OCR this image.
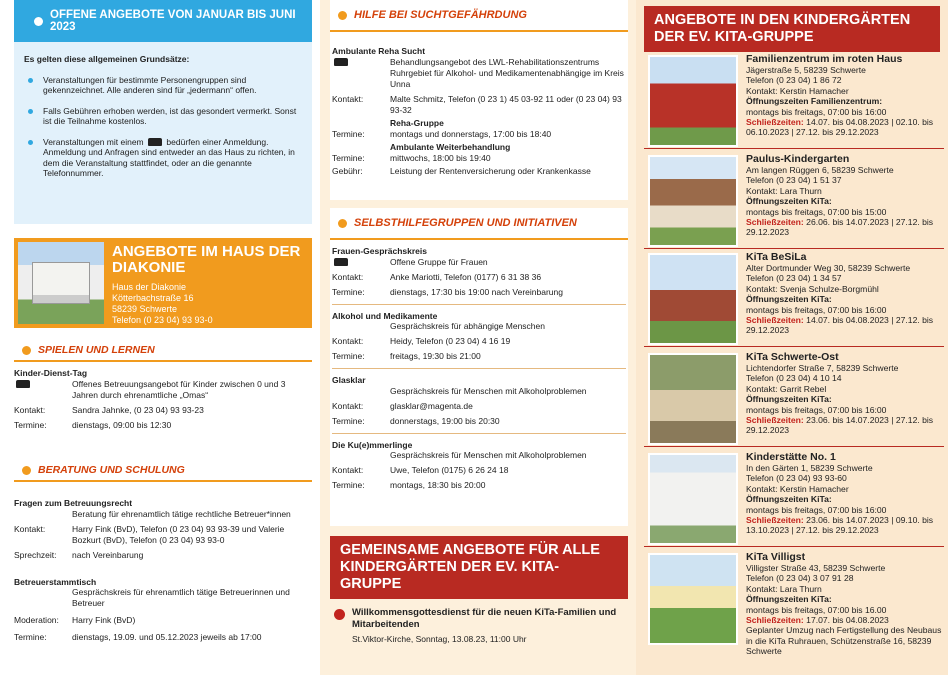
OFFENE ANGEBOTE VON JANUAR BIS JUNI 2023
Es gelten diese allgemeinen Grundsätze:
Veranstaltungen für bestimmte Personengruppen sind gekennzeichnet. Alle anderen sind für „jedermann“ offen.
Falls Gebühren erhoben werden, ist das gesondert vermerkt. Sonst ist die Teilnahme kostenlos.
Veranstaltungen mit einem	bedürfen einer Anmeldung. Anmeldung und Anfragen sind entweder an das Haus zu richten, in dem die Veranstaltung stattfindet, oder an die genannte Telefonnummer.
ANGEBOTE IM HAUS DER DIAKONIE
Haus der Diakonie
Kötterbachstraße 16
58239 Schwerte
Telefon (0 23 04) 93 93-0
SPIELEN UND LERNEN
Kinder-Dienst-Tag
Offenes Betreuungsangebot für Kinder zwischen 0 und 3 Jahren durch ehrenamtliche „Omas“
Kontakt:	Sandra Jahnke, (0 23 04) 93 93-23
Termine:	dienstags, 09:00 bis 12:30
BERATUNG UND SCHULUNG
Fragen zum Betreuungsrecht
Beratung für ehrenamtlich tätige rechtliche Betreuer*innen
Kontakt:	Harry Fink (BvD), Telefon (0 23 04) 93 93-39 und Valerie Bozkurt (BvD), Telefon (0 23 04) 93 93-0
Sprechzeit:	nach Vereinbarung
Betreuerstammtisch
Gesprächskreis für ehrenamtlich tätige Betreuerinnen und Betreuer
Moderation:	Harry Fink (BvD)
Termine:	dienstags, 19.09. und 05.12.2023 jeweils ab 17:00
HILFE BEI SUCHTGEFÄHRDUNG
Ambulante Reha Sucht
Behandlungsangebot des LWL-Rehabilitationszentrums Ruhrgebiet für Alkohol- und Medikamentenabhängige im Kreis Unna
Kontakt:	Malte Schmitz, Telefon (0 23 1) 45 03-92 11 oder (0 23 04) 93 93-32
Reha-Gruppe
Termine:	montags und donnerstags, 17:00 bis 18:40
Ambulante Weiterbehandlung
Termine:	mittwochs, 18:00 bis 19:40
Gebühr:	Leistung der Rentenversicherung oder Krankenkasse
SELBSTHILFEGRUPPEN UND INITIATIVEN
Frauen-Gesprächskreis
Offene Gruppe für Frauen
Kontakt:	Anke Mariotti, Telefon (0177) 6 31 38 36
Termine:	dienstags, 17:30 bis 19:00 nach Vereinbarung
Alkohol und Medikamente
Gesprächskreis für abhängige Menschen
Kontakt:	Heidy, Telefon (0 23 04) 4 16 19
Termine:	freitags, 19:30 bis 21:00
Glasklar
Gesprächskreis für Menschen mit Alkoholproblemen
Kontakt:	glasklar@magenta.de
Termine:	donnerstags, 19:00 bis 20:30
Die Ku(e)mmerlinge
Gesprächskreis für Menschen mit Alkoholproblemen
Kontakt:	Uwe, Telefon (0175) 6 26 24 18
Termine:	montags, 18:30 bis 20:00
GEMEINSAME ANGEBOTE FÜR ALLE KINDERGÄRTEN DER EV. KITA-GRUPPE
Willkommensgottesdienst für die neuen KiTa-Familien und Mitarbeitenden
St.Viktor-Kirche, Sonntag, 13.08.23, 11:00 Uhr
ANGEBOTE IN DEN KINDERGÄRTEN DER EV. KITA-GRUPPE
Familienzentrum im roten Haus
Jägerstraße 5, 58239 Schwerte
Telefon (0 23 04) 1 86 72
Kontakt: Kerstin Hamacher
Öffnungszeiten Familienzentrum:
montags bis freitags, 07:00 bis 16:00
Schließzeiten: 14.07. bis 04.08.2023 | 02.10. bis 06.10.2023 | 27.12. bis 29.12.2023
Paulus-Kindergarten
Am langen Rüggen 6, 58239 Schwerte
Telefon (0 23 04) 1 51 37
Kontakt: Lara Thurn
Öffnungszeiten KiTa:
montags bis freitags, 07:00 bis 15:00
Schließzeiten: 26.06. bis 14.07.2023 | 27.12. bis 29.12.2023
KiTa BeSiLa
Alter Dortmunder Weg 30, 58239 Schwerte
Telefon (0 23 04) 1 34 57
Kontakt: Svenja Schulze-Borgmühl
Öffnungszeiten KiTa:
montags bis freitags, 07:00 bis 16:00
Schließzeiten: 14.07. bis 04.08.2023 | 27.12. bis 29.12.2023
KiTa Schwerte-Ost
Lichtendorfer Straße 7, 58239 Schwerte
Telefon (0 23 04) 4 10 14
Kontakt: Garrit Rebel
Öffnungszeiten KiTa:
montags bis freitags, 07:00 bis 16:00
Schließzeiten: 23.06. bis 14.07.2023 | 27.12. bis 29.12.2023
Kinderstätte No. 1
In den Gärten 1, 58239 Schwerte
Telefon (0 23 04) 93 93-60
Kontakt: Kerstin Hamacher
Öffnungszeiten KiTa:
montags bis freitags, 07:00 bis 16:00
Schließzeiten: 23.06. bis 14.07.2023 | 09.10. bis 13.10.2023 | 27.12. bis 29.12.2023
KiTa Villigst
Villigster Straße 43, 58239 Schwerte
Telefon (0 23 04) 3 07 91 28
Kontakt: Lara Thurn
Öffnungszeiten KiTa:
montags bis freitags, 07:00 bis 16.00
Schließzeiten: 17.07. bis 04.08.2023
Geplanter Umzug nach Fertigstellung des Neubaus in die KiTa Ruhrauen, Schützenstraße 16, 58239 Schwerte
